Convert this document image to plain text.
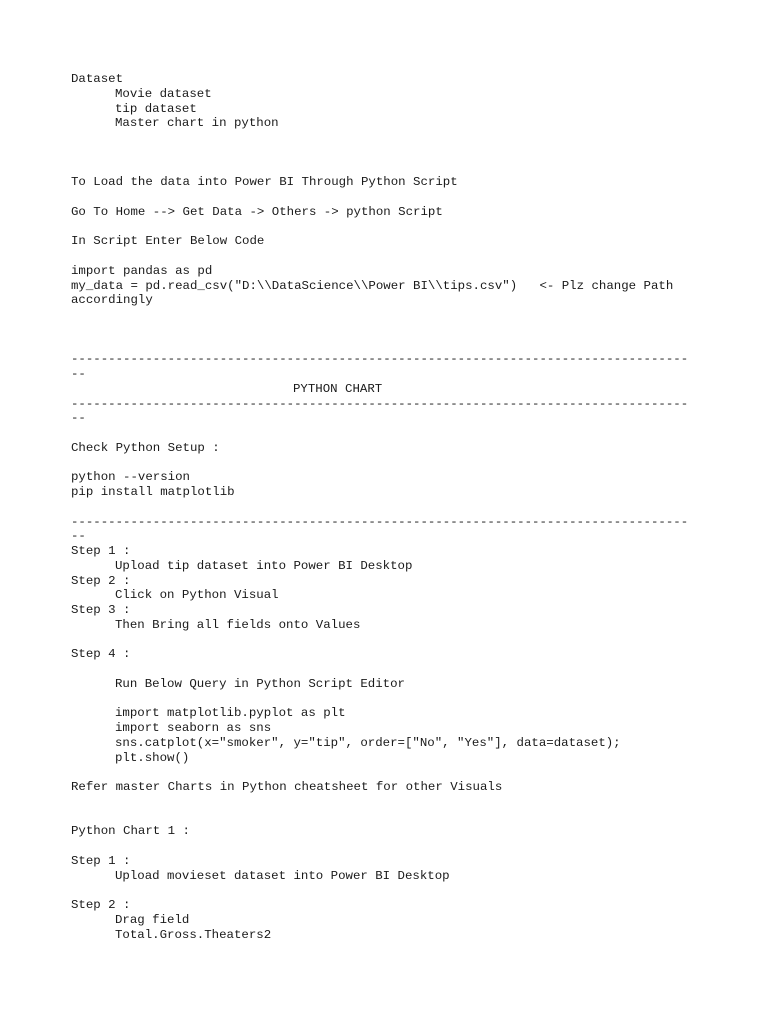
Dataset
Movie dataset
tip dataset
Master chart in python
To Load the data into Power BI Through Python Script
Go To Home --> Get Data -> Others -> python Script
In Script Enter Below Code
import pandas as pd
my_data = pd.read_csv("D:\\DataScience\\Power BI\\tips.csv")   <- Plz change Path
accordingly
-----------------------------------------------------------------------------------
--
PYTHON CHART
-----------------------------------------------------------------------------------
--
Check Python Setup :
python --version
pip install matplotlib
-----------------------------------------------------------------------------------
--
Step 1 :
Upload tip dataset into Power BI Desktop
Step 2 :
Click on Python Visual
Step 3 :
Then Bring all fields onto Values
Step 4 :
Run Below Query in Python Script Editor
import matplotlib.pyplot as plt
import seaborn as sns
sns.catplot(x="smoker", y="tip", order=["No", "Yes"], data=dataset);
plt.show()
Refer master Charts in Python cheatsheet for other Visuals
Python Chart 1 :
Step 1 :
Upload movieset dataset into Power BI Desktop
Step 2 :
Drag field
Total.Gross.Theaters2
